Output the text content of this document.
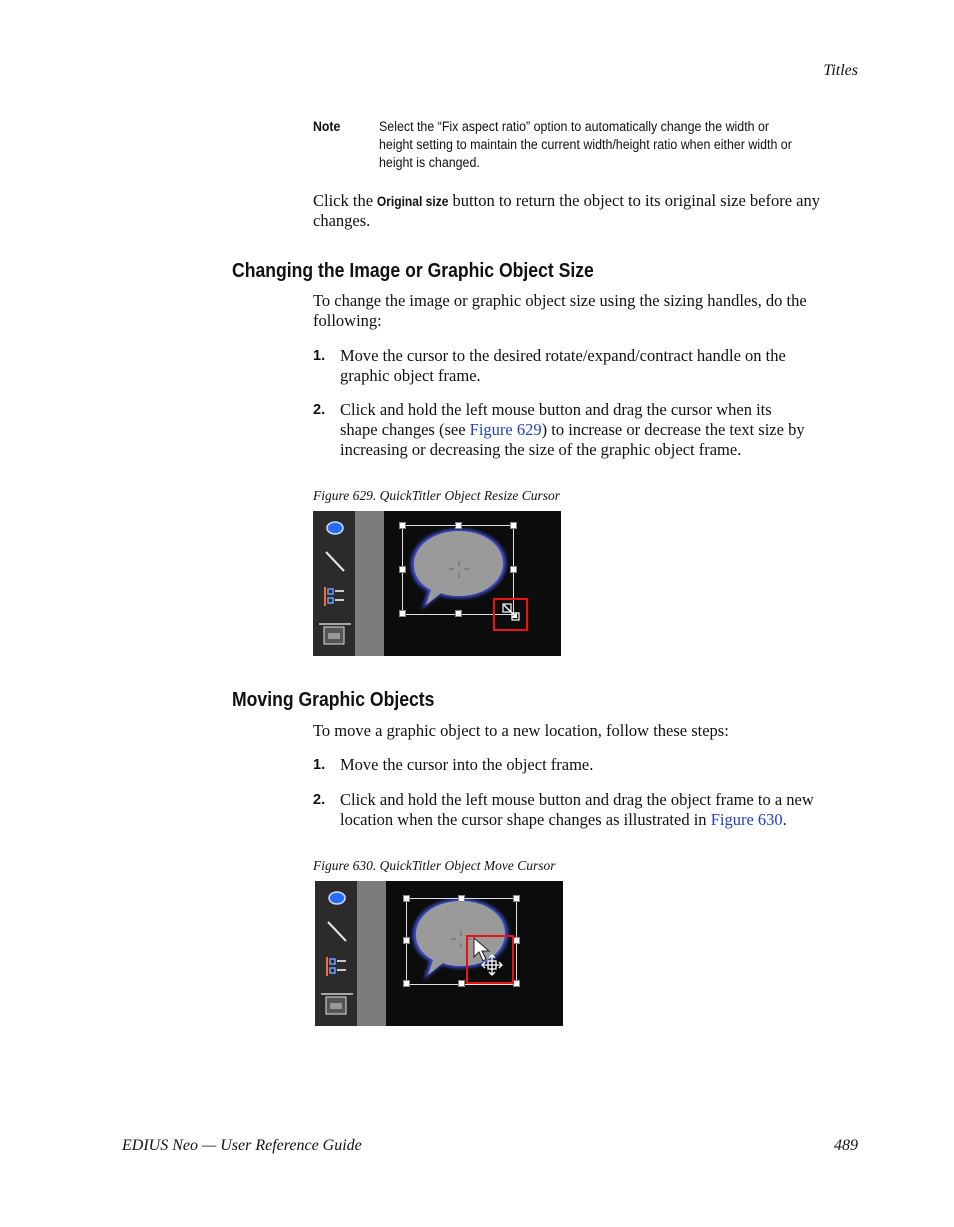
Titles
Note	Select the “Fix aspect ratio” option to automatically change the width or
height setting to maintain the current width/height ratio when either width or
height is changed.
Click the Original size button to return the object to its original size before any
changes.
Changing the Image or Graphic Object Size
To change the image or graphic object size using the sizing handles, do the
following:
1. Move the cursor to the desired rotate/expand/contract handle on the
graphic object frame.
2. Click and hold the left mouse button and drag the cursor when its
shape changes (see Figure 629) to increase or decrease the text size by
increasing or decreasing the size of the graphic object frame.
Figure 629. QuickTitler Object Resize Cursor
Moving Graphic Objects
To move a graphic object to a new location, follow these steps:
1. Move the cursor into the object frame.
2. Click and hold the left mouse button and drag the object frame to a new
location when the cursor shape changes as illustrated in Figure 630.
Figure 630. QuickTitler Object Move Cursor
EDIUS Neo — User Reference Guide	489
